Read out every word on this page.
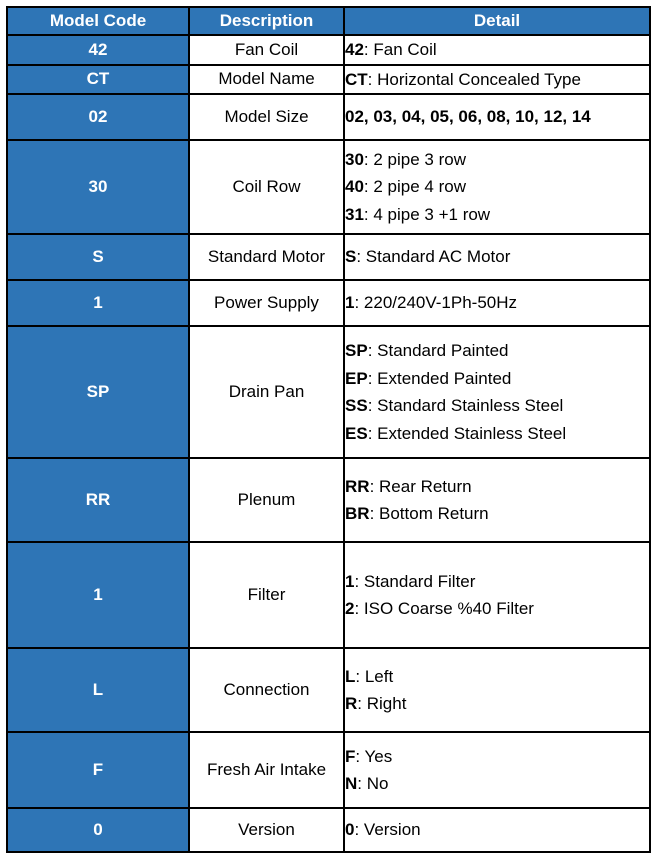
Model Code	Description	Detail
42	Fan Coil	42: Fan Coil

CT	Model Name	CT: Horizontal Concealed Type

02	Model Size	02, 03, 04, 05, 06, 08, 10, 12, 14

30	Coil Row	30: 2 pipe 3 row
40: 2 pipe 4 row
31: 4 pipe 3 +1 row

S	Standard Motor	S: Standard AC Motor

1	Power Supply	1: 220/240V-1Ph-50Hz

SP	Drain Pan	SP: Standard Painted
EP: Extended Painted
SS: Standard Stainless Steel
ES: Extended Stainless Steel

RR	Plenum	RR: Rear Return
BR: Bottom Return

1	Filter	1: Standard Filter
2: ISO Coarse %40 Filter

L	Connection	L: Left
R: Right

F	Fresh Air Intake	F: Yes
N: No

0	Version	0: Version
